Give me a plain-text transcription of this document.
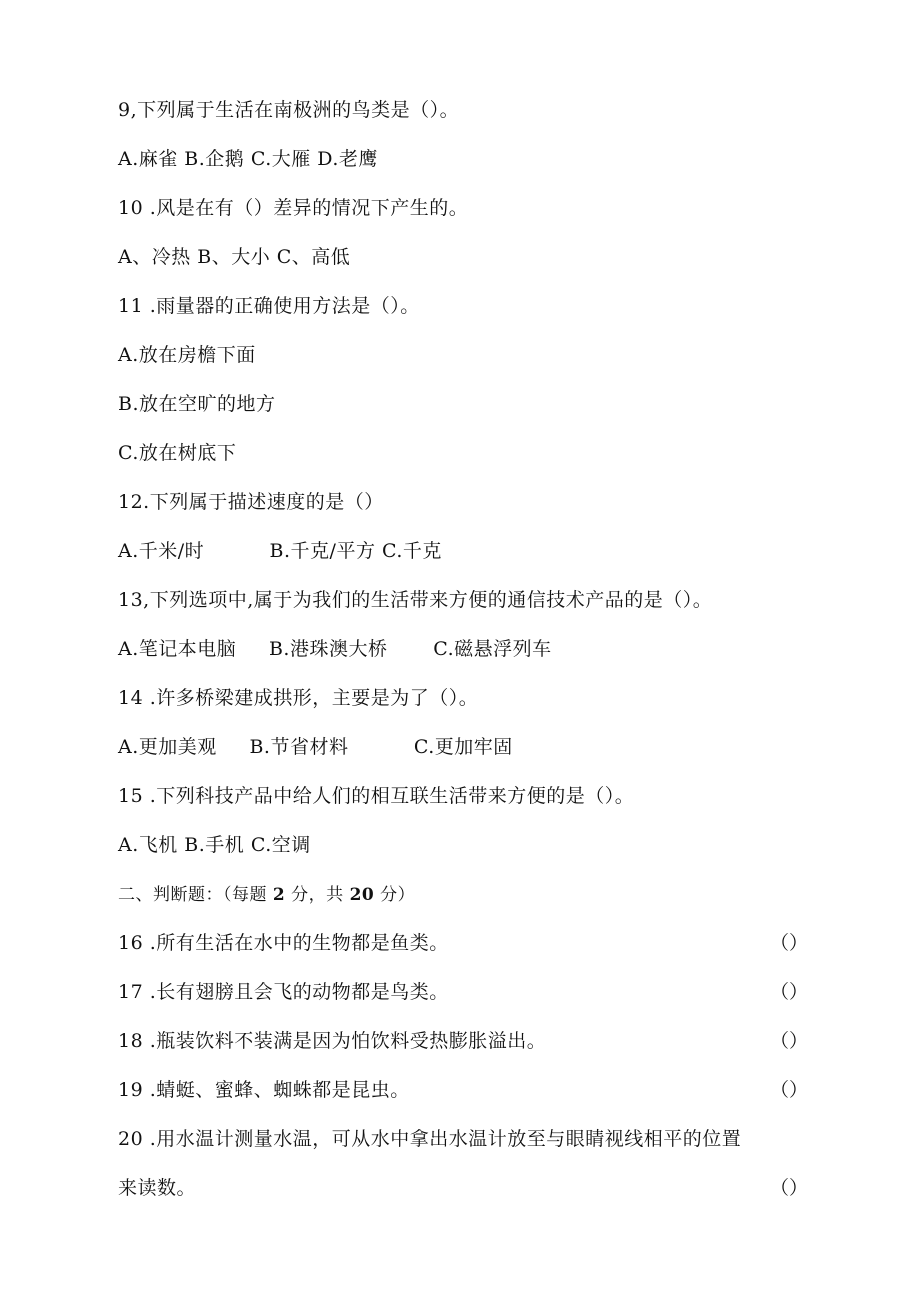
9,下列属于生活在南极洲的鸟类是（）。
A.麻雀 B.企鹅 C.大雁 D.老鹰
10 .风是在有（）差异的情况下产生的。
A、冷热 B、大小 C、高低
11 .雨量器的正确使用方法是（）。
A.放在房檐下面
B.放在空旷的地方
C.放在树底下
12.下列属于描述速度的是（）
A.千米/时          B.千克/平方 C.千克
13,下列选项中,属于为我们的生活带来方便的通信技术产品的是（）。
A.笔记本电脑     B.港珠澳大桥       C.磁悬浮列车
14 .许多桥梁建成拱形，主要是为了（）。
A.更加美观     B.节省材料          C.更加牢固
15 .下列科技产品中给人们的相互联生活带来方便的是（）。
A.飞机 B.手机 C.空调
二、判断题：（每题 2 分，共 20 分）
16 .所有生活在水中的生物都是鱼类。	（）
17 .长有翅膀且会飞的动物都是鸟类。	（）
18 .瓶装饮料不装满是因为怕饮料受热膨胀溢出。	（）
19 .蜻蜓、蜜蜂、蜘蛛都是昆虫。	（）
20 .用水温计测量水温，可从水中拿出水温计放至与眼睛视线相平的位置
来读数。	（）
